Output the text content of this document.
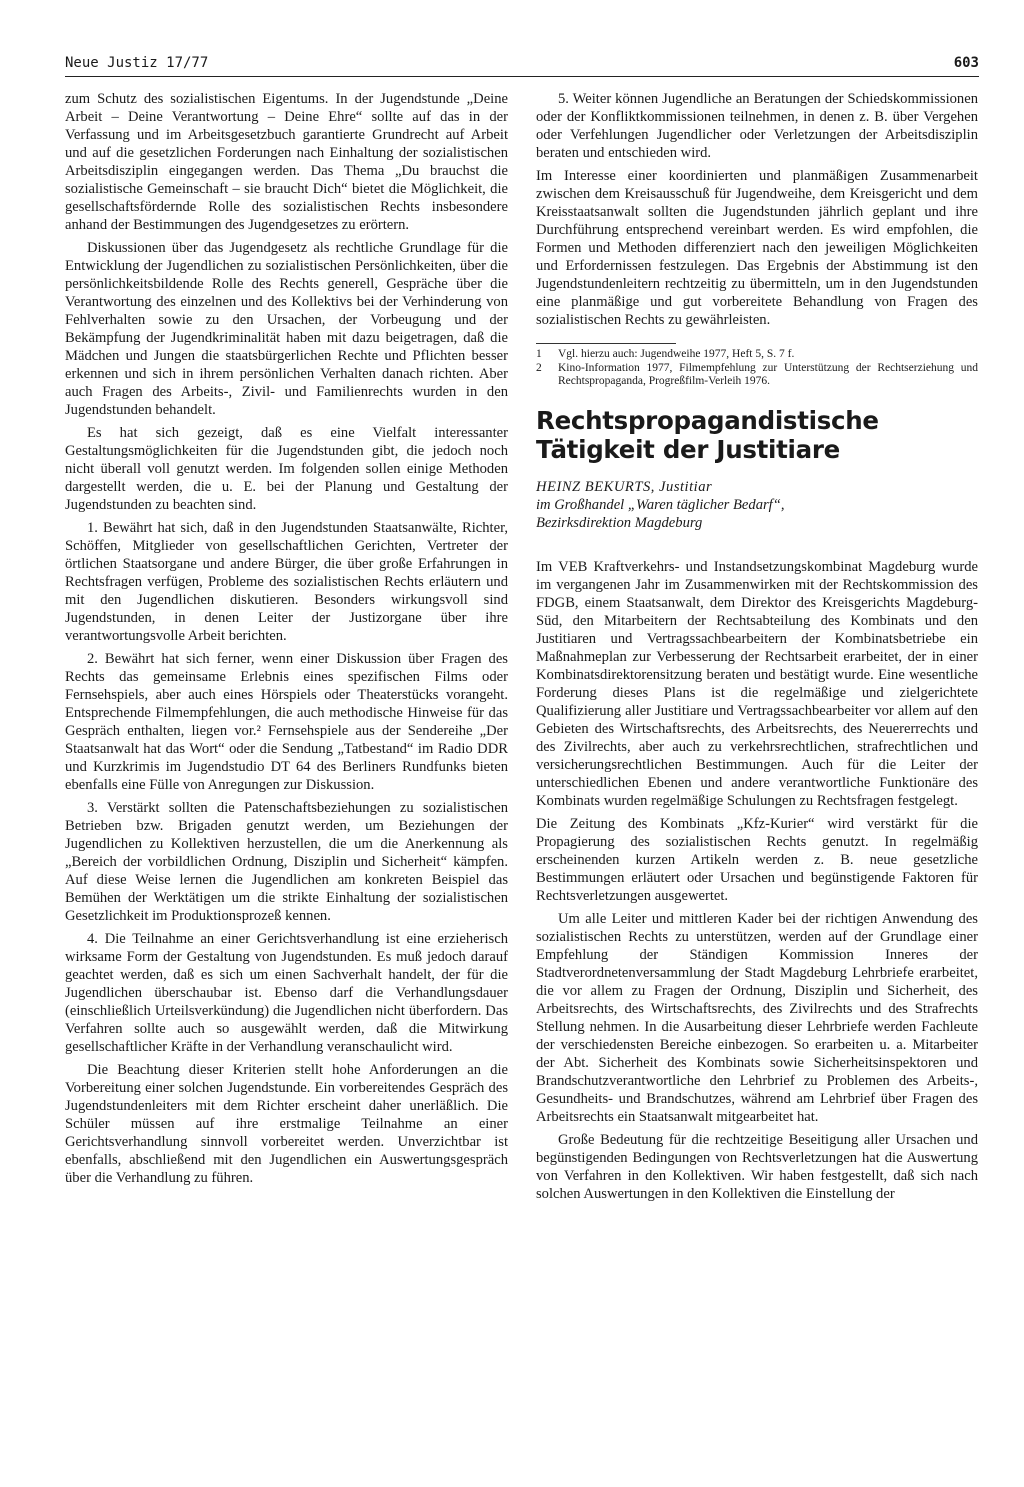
Neue Justiz 17/77	603

zum Schutz des sozialistischen Eigentums. In der Jugendstunde „Deine Arbeit – Deine Verantwortung – Deine Ehre“ sollte auf das in der Verfassung und im Arbeitsgesetzbuch garantierte Grundrecht auf Arbeit und auf die gesetzlichen Forderungen nach Einhaltung der sozialistischen Arbeitsdisziplin eingegangen werden. Das Thema „Du brauchst die sozialistische Gemeinschaft – sie braucht Dich“ bietet die Möglichkeit, die gesellschaftsfördernde Rolle des sozialistischen Rechts insbesondere anhand der Bestimmungen des Jugendgesetzes zu erörtern.

Diskussionen über das Jugendgesetz als rechtliche Grundlage für die Entwicklung der Jugendlichen zu sozialistischen Persönlichkeiten, über die persönlichkeitsbildende Rolle des Rechts generell, Gespräche über die Verantwortung des einzelnen und des Kollektivs bei der Verhinderung von Fehlverhalten sowie zu den Ursachen, der Vorbeugung und der Bekämpfung der Jugendkriminalität haben mit dazu beigetragen, daß die Mädchen und Jungen die staatsbürgerlichen Rechte und Pflichten besser erkennen und sich in ihrem persönlichen Verhalten danach richten. Aber auch Fragen des Arbeits-, Zivil- und Familienrechts wurden in den Jugendstunden behandelt.

Es hat sich gezeigt, daß es eine Vielfalt interessanter Gestaltungsmöglichkeiten für die Jugendstunden gibt, die jedoch noch nicht überall voll genutzt werden. Im folgenden sollen einige Methoden dargestellt werden, die u. E. bei der Planung und Gestaltung der Jugendstunden zu beachten sind.

1. Bewährt hat sich, daß in den Jugendstunden Staatsanwälte, Richter, Schöffen, Mitglieder von gesellschaftlichen Gerichten, Vertreter der örtlichen Staatsorgane und andere Bürger, die über große Erfahrungen in Rechtsfragen verfügen, Probleme des sozialistischen Rechts erläutern und mit den Jugendlichen diskutieren. Besonders wirkungsvoll sind Jugendstunden, in denen Leiter der Justizorgane über ihre verantwortungsvolle Arbeit berichten.

2. Bewährt hat sich ferner, wenn einer Diskussion über Fragen des Rechts das gemeinsame Erlebnis eines spezifischen Films oder Fernsehspiels, aber auch eines Hörspiels oder Theaterstücks vorangeht. Entsprechende Filmempfehlungen, die auch methodische Hinweise für das Gespräch enthalten, liegen vor.² Fernsehspiele aus der Sendereihe „Der Staatsanwalt hat das Wort“ oder die Sendung „Tatbestand“ im Radio DDR und Kurzkrimis im Jugendstudio DT 64 des Berliners Rundfunks bieten ebenfalls eine Fülle von Anregungen zur Diskussion.

3. Verstärkt sollten die Patenschaftsbeziehungen zu sozialistischen Betrieben bzw. Brigaden genutzt werden, um Beziehungen der Jugendlichen zu Kollektiven herzustellen, die um die Anerkennung als „Bereich der vorbildlichen Ordnung, Disziplin und Sicherheit“ kämpfen. Auf diese Weise lernen die Jugendlichen am konkreten Beispiel das Bemühen der Werktätigen um die strikte Einhaltung der sozialistischen Gesetzlichkeit im Produktionsprozeß kennen.

4. Die Teilnahme an einer Gerichtsverhandlung ist eine erzieherisch wirksame Form der Gestaltung von Jugendstunden. Es muß jedoch darauf geachtet werden, daß es sich um einen Sachverhalt handelt, der für die Jugendlichen überschaubar ist. Ebenso darf die Verhandlungsdauer (einschließlich Urteilsverkündung) die Jugendlichen nicht überfordern. Das Verfahren sollte auch so ausgewählt werden, daß die Mitwirkung gesellschaftlicher Kräfte in der Verhandlung veranschaulicht wird.

Die Beachtung dieser Kriterien stellt hohe Anforderungen an die Vorbereitung einer solchen Jugendstunde. Ein vorbereitendes Gespräch des Jugendstundenleiters mit dem Richter erscheint daher unerläßlich. Die Schüler müssen auf ihre erstmalige Teilnahme an einer Gerichtsverhandlung sinnvoll vorbereitet werden. Unverzichtbar ist ebenfalls, abschließend mit den Jugendlichen ein Auswertungsgespräch über die Verhandlung zu führen.

5. Weiter können Jugendliche an Beratungen der Schiedskommissionen oder der Konfliktkommissionen teilnehmen, in denen z. B. über Vergehen oder Verfehlungen Jugendlicher oder Verletzungen der Arbeitsdisziplin beraten und entschieden wird.

Im Interesse einer koordinierten und planmäßigen Zusammenarbeit zwischen dem Kreisausschuß für Jugendweihe, dem Kreisgericht und dem Kreisstaatsanwalt sollten die Jugendstunden jährlich geplant und ihre Durchführung entsprechend vereinbart werden. Es wird empfohlen, die Formen und Methoden differenziert nach den jeweiligen Möglichkeiten und Erfordernissen festzulegen. Das Ergebnis der Abstimmung ist den Jugendstundenleitern rechtzeitig zu übermitteln, um in den Jugendstunden eine planmäßige und gut vorbereitete Behandlung von Fragen des sozialistischen Rechts zu gewährleisten.

1	Vgl. hierzu auch: Jugendweihe 1977, Heft 5, S. 7 f.
2	Kino-Information 1977, Filmempfehlung zur Unterstützung der Rechtserziehung und Rechtspropaganda, Progreßfilm-Verleih 1976.
Rechtspropagandistische Tätigkeit der Justitiare
HEINZ BEKURTS, Justitiar
im Großhandel „Waren täglicher Bedarf“,
Bezirksdirektion Magdeburg

Im VEB Kraftverkehrs- und Instandsetzungskombinat Magdeburg wurde im vergangenen Jahr im Zusammenwirken mit der Rechtskommission des FDGB, einem Staatsanwalt, dem Direktor des Kreisgerichts Magdeburg-Süd, den Mitarbeitern der Rechtsabteilung des Kombinats und den Justitiaren und Vertragssachbearbeitern der Kombinatsbetriebe ein Maßnahmeplan zur Verbesserung der Rechtsarbeit erarbeitet, der in einer Kombinatsdirektorensitzung beraten und bestätigt wurde. Eine wesentliche Forderung dieses Plans ist die regelmäßige und zielgerichtete Qualifizierung aller Justitiare und Vertragssachbearbeiter vor allem auf den Gebieten des Wirtschaftsrechts, des Arbeitsrechts, des Neuererrechts und des Zivilrechts, aber auch zu verkehrsrechtlichen, strafrechtlichen und versicherungsrechtlichen Bestimmungen. Auch für die Leiter der unterschiedlichen Ebenen und andere verantwortliche Funktionäre des Kombinats wurden regelmäßige Schulungen zu Rechtsfragen festgelegt.

Die Zeitung des Kombinats „Kfz-Kurier“ wird verstärkt für die Propagierung des sozialistischen Rechts genutzt. In regelmäßig erscheinenden kurzen Artikeln werden z. B. neue gesetzliche Bestimmungen erläutert oder Ursachen und begünstigende Faktoren für Rechtsverletzungen ausgewertet.

Um alle Leiter und mittleren Kader bei der richtigen Anwendung des sozialistischen Rechts zu unterstützen, werden auf der Grundlage einer Empfehlung der Ständigen Kommission Inneres der Stadtverordnetenversammlung der Stadt Magdeburg Lehrbriefe erarbeitet, die vor allem zu Fragen der Ordnung, Disziplin und Sicherheit, des Arbeitsrechts, des Wirtschaftsrechts, des Zivilrechts und des Strafrechts Stellung nehmen. In die Ausarbeitung dieser Lehrbriefe werden Fachleute der verschiedensten Bereiche einbezogen. So erarbeiten u. a. Mitarbeiter der Abt. Sicherheit des Kombinats sowie Sicherheitsinspektoren und Brandschutzverantwortliche den Lehrbrief zu Problemen des Arbeits-, Gesundheits- und Brandschutzes, während am Lehrbrief über Fragen des Arbeitsrechts ein Staatsanwalt mitgearbeitet hat.

Große Bedeutung für die rechtzeitige Beseitigung aller Ursachen und begünstigenden Bedingungen von Rechtsverletzungen hat die Auswertung von Verfahren in den Kollektiven. Wir haben festgestellt, daß sich nach solchen Auswertungen in den Kollektiven die Einstellung der
